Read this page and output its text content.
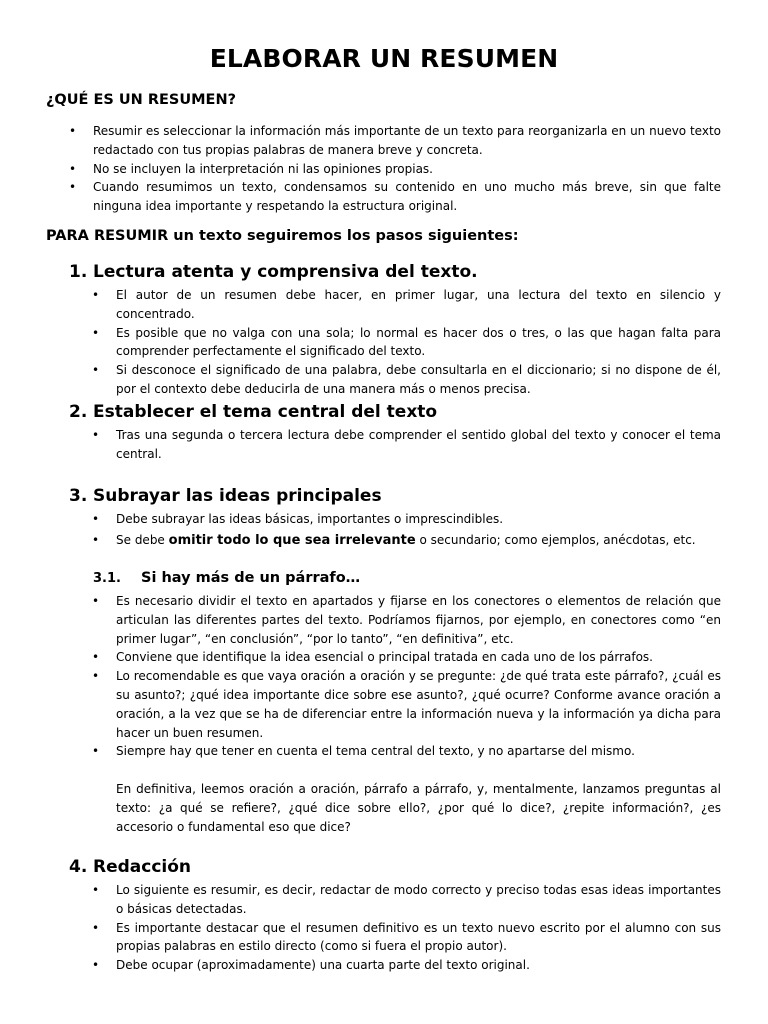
ELABORAR UN RESUMEN
¿QUÉ ES UN RESUMEN?
• Resumir es seleccionar la información más importante de un texto para reorganizarla en un nuevo texto redactado con tus propias palabras de manera breve y concreta.
• No se incluyen la interpretación ni las opiniones propias.
• Cuando resumimos un texto, condensamos su contenido en uno mucho más breve, sin que falte ninguna idea importante y respetando la estructura original.
PARA RESUMIR un texto seguiremos los pasos siguientes:
1. Lectura atenta y comprensiva del texto.
• El autor de un resumen debe hacer, en primer lugar, una lectura del texto en silencio y concentrado.
• Es posible que no valga con una sola; lo normal es hacer dos o tres, o las que hagan falta para comprender perfectamente el significado del texto.
• Si desconoce el significado de una palabra, debe consultarla en el diccionario; si no dispone de él, por el contexto debe deducirla de una manera más o menos precisa.
2. Establecer el tema central del texto
• Tras una segunda o tercera lectura debe comprender el sentido global del texto y conocer el tema central.
3. Subrayar las ideas principales
• Debe subrayar las ideas básicas, importantes o imprescindibles.
• Se debe omitir todo lo que sea irrelevante o secundario; como ejemplos, anécdotas, etc.
3.1. Si hay más de un párrafo…
• Es necesario dividir el texto en apartados y fijarse en los conectores o elementos de relación que articulan las diferentes partes del texto. Podríamos fijarnos, por ejemplo, en conectores como “en primer lugar”, “en conclusión”, “por lo tanto”, “en definitiva”, etc.
• Conviene que identifique la idea esencial o principal tratada en cada uno de los párrafos.
• Lo recomendable es que vaya oración a oración y se pregunte: ¿de qué trata este párrafo?, ¿cuál es su asunto?; ¿qué idea importante dice sobre ese asunto?, ¿qué ocurre? Conforme avance oración a oración, a la vez que se ha de diferenciar entre la información nueva y la información ya dicha para hacer un buen resumen.
• Siempre hay que tener en cuenta el tema central del texto, y no apartarse del mismo.
En definitiva, leemos oración a oración, párrafo a párrafo, y, mentalmente, lanzamos preguntas al texto: ¿a qué se refiere?, ¿qué dice sobre ello?, ¿por qué lo dice?, ¿repite información?, ¿es accesorio o fundamental eso que dice?
4. Redacción
• Lo siguiente es resumir, es decir, redactar de modo correcto y preciso todas esas ideas importantes o básicas detectadas.
• Es importante destacar que el resumen definitivo es un texto nuevo escrito por el alumno con sus propias palabras en estilo directo (como si fuera el propio autor).
• Debe ocupar (aproximadamente) una cuarta parte del texto original.
